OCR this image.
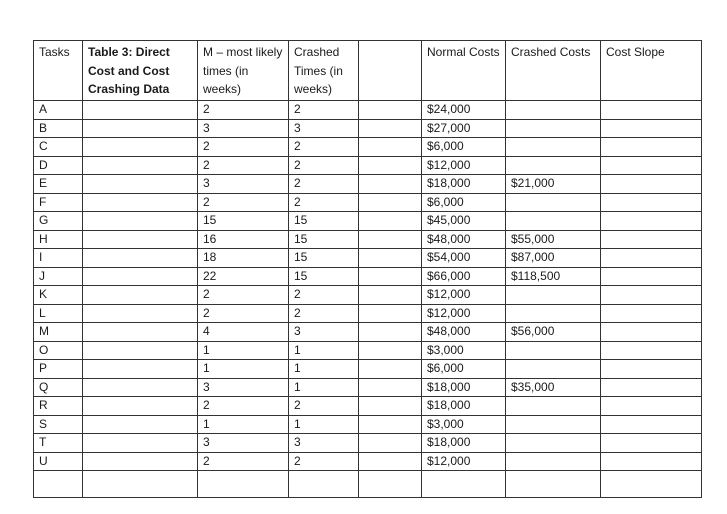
Tasks	Table 3: Direct Cost and Cost Crashing Data	M – most likely times (in weeks)	Crashed Times (in weeks)		Normal Costs	Crashed Costs	Cost Slope
A		2	2		$24,000		
B		3	3		$27,000		
C		2	2		$6,000		
D		2	2		$12,000		
E		3	2		$18,000	$21,000	
F		2	2		$6,000		
G		15	15		$45,000		
H		16	15		$48,000	$55,000	
I		18	15		$54,000	$87,000	
J		22	15		$66,000	$118,500	
K		2	2		$12,000		
L		2	2		$12,000		
M		4	3		$48,000	$56,000	
O		1	1		$3,000		
P		1	1		$6,000		
Q		3	1		$18,000	$35,000	
R		2	2		$18,000		
S		1	1		$3,000		
T		3	3		$18,000		
U		2	2		$12,000		
